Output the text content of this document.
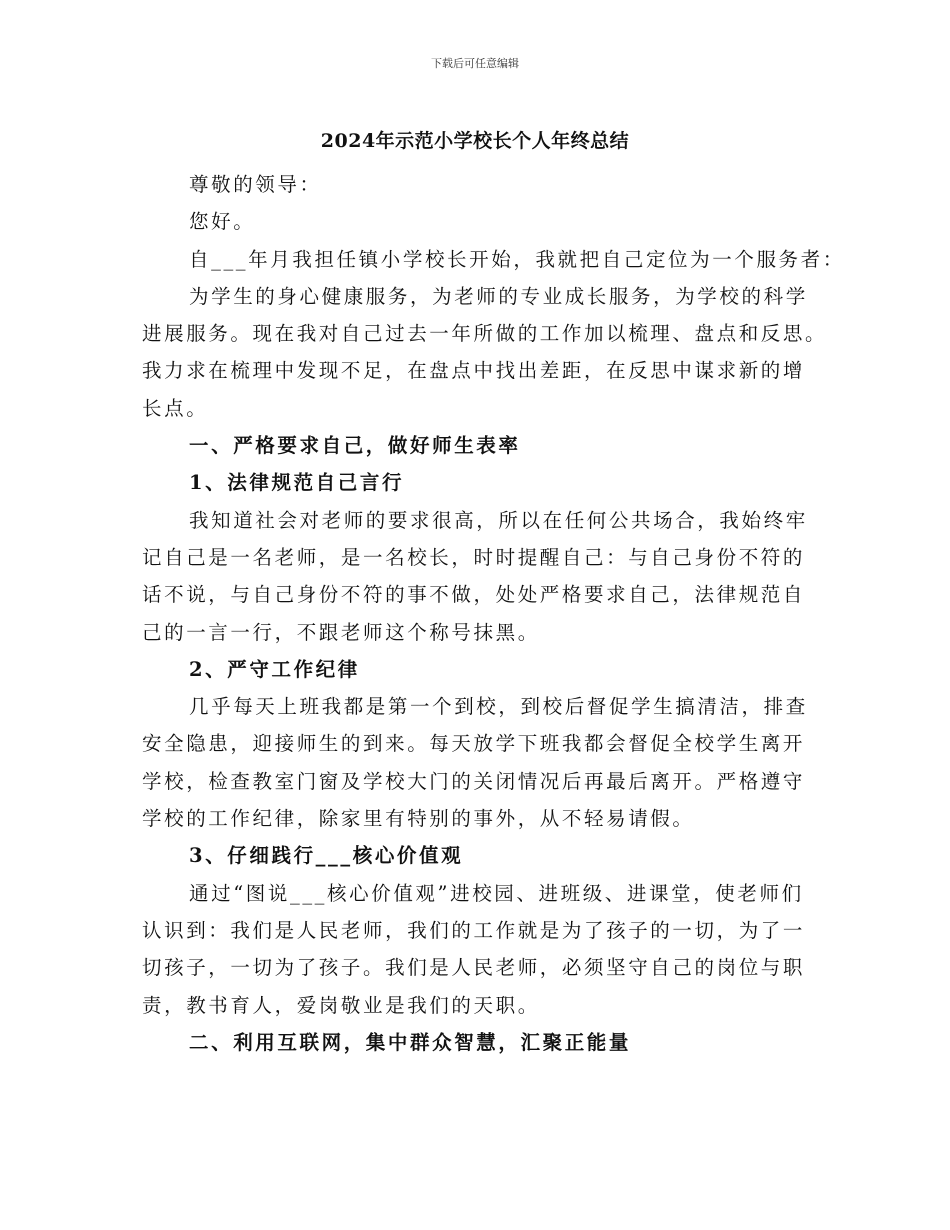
下载后可任意编辑
2024年示范小学校长个人年终总结
尊敬的领导：
您好。
自___年月我担任镇小学校长开始，我就把自己定位为一个服务者：
为学生的身心健康服务，为老师的专业成长服务，为学校的科学
进展服务。现在我对自己过去一年所做的工作加以梳理、盘点和反思。
我力求在梳理中发现不足，在盘点中找出差距，在反思中谋求新的增
长点。
一、严格要求自己，做好师生表率
1、法律规范自己言行
我知道社会对老师的要求很高，所以在任何公共场合，我始终牢
记自己是一名老师，是一名校长，时时提醒自己：与自己身份不符的
话不说，与自己身份不符的事不做，处处严格要求自己，法律规范自
己的一言一行，不跟老师这个称号抹黑。
2、严守工作纪律
几乎每天上班我都是第一个到校，到校后督促学生搞清洁，排查
安全隐患，迎接师生的到来。每天放学下班我都会督促全校学生离开
学校，检查教室门窗及学校大门的关闭情况后再最后离开。严格遵守
学校的工作纪律，除家里有特别的事外，从不轻易请假。
3、仔细践行___核心价值观
通过“图说___核心价值观”进校园、进班级、进课堂，使老师们
认识到：我们是人民老师，我们的工作就是为了孩子的一切，为了一
切孩子，一切为了孩子。我们是人民老师，必须坚守自己的岗位与职
责，教书育人，爱岗敬业是我们的天职。
二、利用互联网，集中群众智慧，汇聚正能量
